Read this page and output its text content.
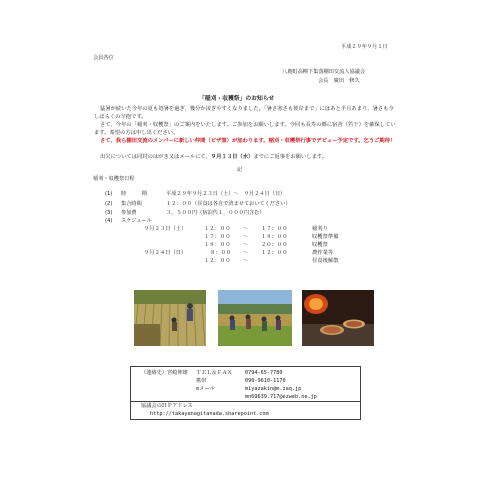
平成２９年９月１日
会員各位
八鹿町高柳下集落棚田交流人協議会
会長　廣田　修久
「稲刈・収穫祭」のお知らせ
猛暑が続いた今年の夏も処暑を過ぎ、幾分か凌ぎやすくなりました。「暑さ寒さも彼岸まで」にはあと半月あまり、暑さも今しばらくの辛抱です。
さて、今年の「稲刈・収穫祭」のご案内をいたします。ご参加をお願いします。今回も長寿の郷に宿舎（若干）を確保しています。希望の方は申し出ください。
さて、我ら棚田交流のメンバーに新しい仲間（ピザ窯）が加わります。稲刈・収穫祭行事でデビュー予定です。乞うご期待！
出欠については同封のはがき又はメールにて、９月１３日（水）までにご返事をお願いします。
記
稲刈・収穫祭日程
(1) 時　　　期	平成２９年９月２３日（土）～　９月２４日（日）
(2) 集合時間	１２：００（昼食は各自で済ませておいてください）
(3) 参加費	３，５００円（宿泊代１，０００円含む）
(4) スケジュール
９月２３日（土）	１２：００ ～ １７：００	稲刈り
１７：００ ～ １８：００	収穫祭準備
１８：００ ～ ２０：００	収穫祭
９月２４日（日）	８：００ ～ １２：００	農作業等
１２：００ ～	昼食後解散
（連絡先）宮崎伸雄 ＴＥＬ＆ＦＡＸ 0794-65-7780
携帯	090-9610-1170
eメール	miyazakin@m.zaq.jp
mn69639.717@ezweb.ne.jp
協議会のＨＰアドレス
http://takayanagitanada.sharepoint.com
